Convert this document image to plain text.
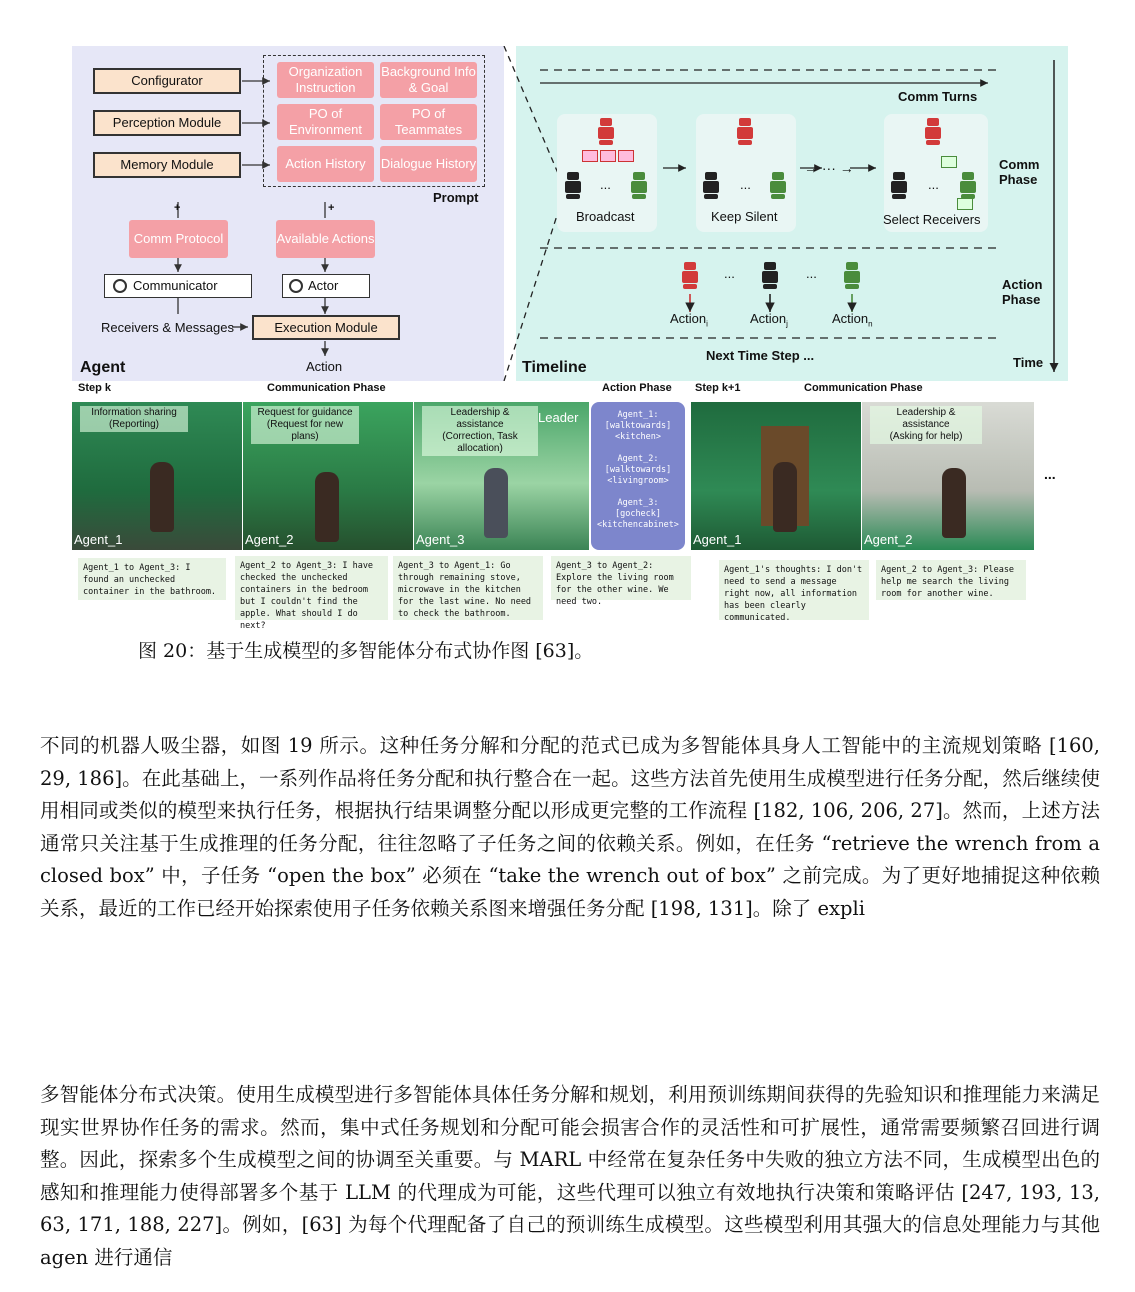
Configurator
Perception Module
Memory Module
Organization Instruction
Background Info & Goal
PO of Environment
PO of Teammates
Action History	Dialogue History
Prompt
+	+
Comm Protocol	Available Actions
Communicator	Actor
Receivers & Messages	Execution Module
Action
Agent
Comm Turns
Comm Phase
Action Phase
Time
Next Time Step ...
Timeline
...	...
→ ··· →
...
Broadcast	Keep Silent	Select Receivers
...	...
Action$_i$	Action$_j$	Action$_n$
Step k	Communication Phase	Action Phase Step k+1	Communication Phase
Information sharing
(Reporting)
Agent_1
Request for guidance
(Request for new plans)
Agent_2
Leadership & assistance
(Correction, Task allocation)
Leader
Agent_3
Agent_1:
[walktowards]
<kitchen>

Agent_2:
[walktowards]
<livingroom>

Agent_3:
[gocheck]
<kitchencabinet>
Agent_1
Leadership & assistance
(Asking for help)
Agent_2
...
Agent_1 to Agent_3: I found an unchecked container in the bathroom.
Agent_2 to Agent_3: I have checked the unchecked containers in the bedroom but I couldn't find the apple. What should I do next?
Agent_3 to Agent_1: Go through remaining stove, microwave in the kitchen for the last wine. No need to check the bathroom.
Agent_3 to Agent_2: Explore the living room for the other wine. We need two.
Agent_1's thoughts: I don't need to send a message right now, all information has been clearly communicated.
Agent_2 to Agent_3: Please help me search the living room for another wine.
图 20：基于生成模型的多智能体分布式协作图 [63]。
不同的机器人吸尘器，如图 19 所示。这种任务分解和分配的范式已成为多智能体具身人工智能中的主流规划策略 [160, 29, 186]。在此基础上，一系列作品将任务分配和执行整合在一起。这些方法首先使用生成模型进行任务分配，然后继续使用相同或类似的模型来执行任务，根据执行结果调整分配以形成更完整的工作流程 [182, 106, 206, 27]。然而，上述方法通常只关注基于生成推理的任务分配，往往忽略了子任务之间的依赖关系。例如，在任务 “retrieve the wrench from a closed box” 中，子任务 “open the box” 必须在 “take the wrench out of box” 之前完成。为了更好地捕捉这种依赖关系，最近的工作已经开始探索使用子任务依赖关系图来增强任务分配 [198, 131]。除了 expli
多智能体分布式决策。使用生成模型进行多智能体具体任务分解和规划，利用预训练期间获得的先验知识和推理能力来满足现实世界协作任务的需求。然而，集中式任务规划和分配可能会损害合作的灵活性和可扩展性，通常需要频繁召回进行调整。因此，探索多个生成模型之间的协调至关重要。与 MARL 中经常在复杂任务中失败的独立方法不同，生成模型出色的感知和推理能力使得部署多个基于 LLM 的代理成为可能，这些代理可以独立有效地执行决策和策略评估 [247, 193, 13, 63, 171, 188, 227]。例如，[63] 为每个代理配备了自己的预训练生成模型。这些模型利用其强大的信息处理能力与其他 agen 进行通信
